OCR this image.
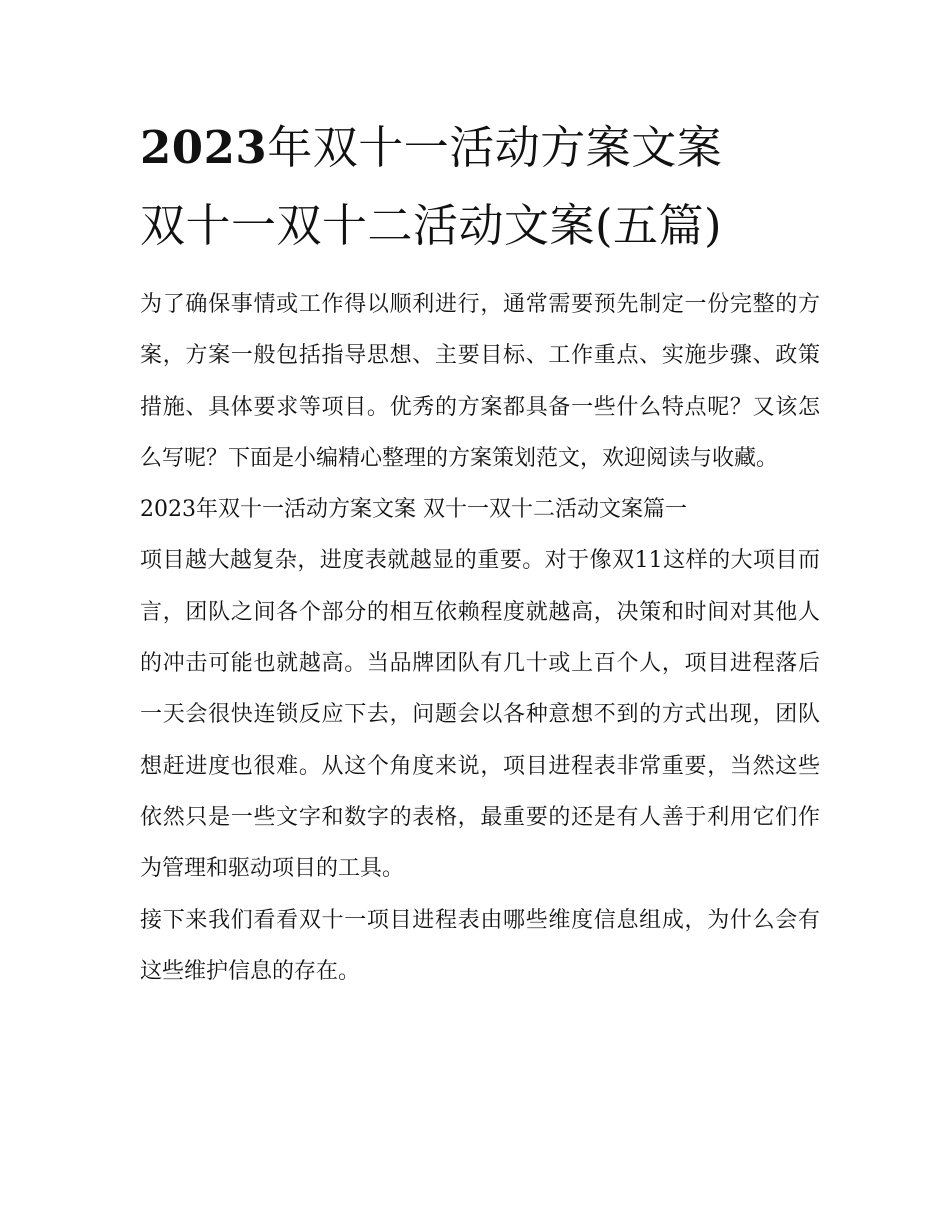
2023年双十一活动方案文案
双十一双十二活动文案(五篇)

为了确保事情或工作得以顺利进行，通常需要预先制定一份完整的方案，方案一般包括指导思想、主要目标、工作重点、实施步骤、政策措施、具体要求等项目。优秀的方案都具备一些什么特点呢？又该怎么写呢？下面是小编精心整理的方案策划范文，欢迎阅读与收藏。

2023年双十一活动方案文案 双十一双十二活动文案篇一

项目越大越复杂，进度表就越显的重要。对于像双11这样的大项目而言，团队之间各个部分的相互依赖程度就越高，决策和时间对其他人的冲击可能也就越高。当品牌团队有几十或上百个人，项目进程落后一天会很快连锁反应下去，问题会以各种意想不到的方式出现，团队想赶进度也很难。从这个角度来说，项目进程表非常重要，当然这些依然只是一些文字和数字的表格，最重要的还是有人善于利用它们作为管理和驱动项目的工具。

接下来我们看看双十一项目进程表由哪些维度信息组成，为什么会有这些维护信息的存在。
